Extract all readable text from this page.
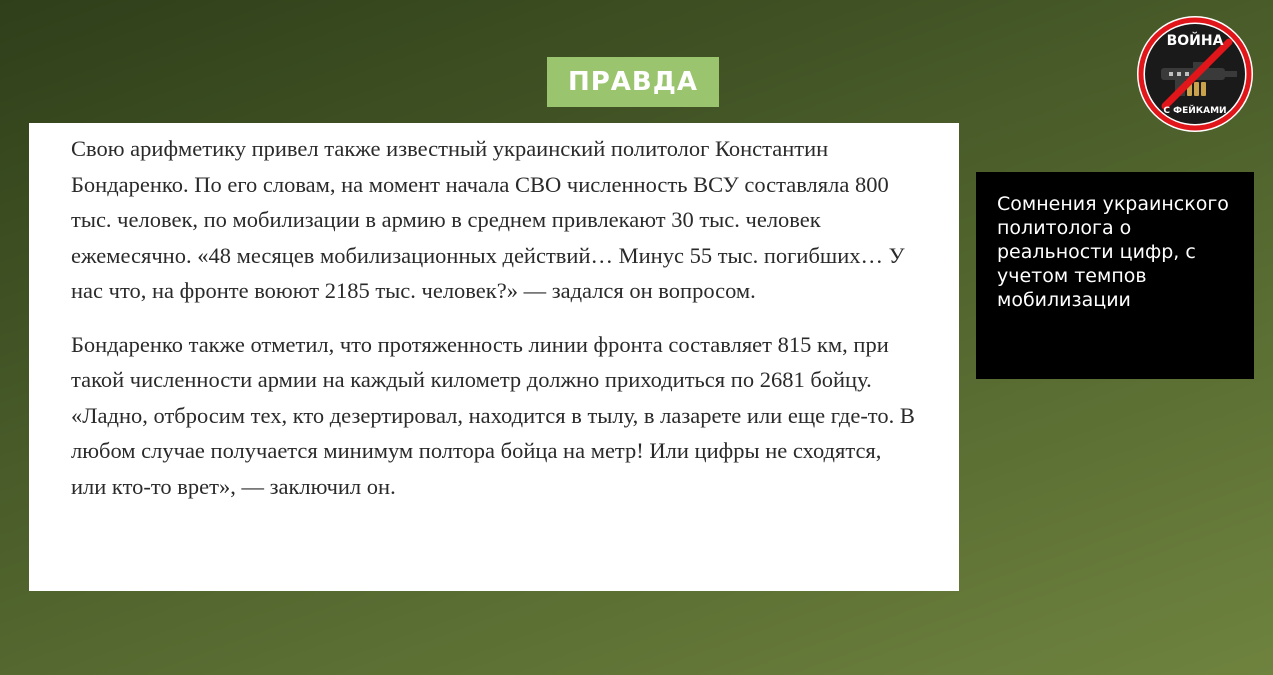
ПРАВДА

Свою арифметику привел также известный украинский политолог Константин Бондаренко. По его словам, на момент начала СВО численность ВСУ составляла 800 тыс. человек, по мобилизации в армию в среднем привлекают 30 тыс. человек ежемесячно. «48 месяцев мобилизационных действий… Минус 55 тыс. погибших… У нас что, на фронте воюют 2185 тыс. человек?» — задался он вопросом.

Бондаренко также отметил, что протяженность линии фронта составляет 815 км, при такой численности армии на каждый километр должно приходиться по 2681 бойцу. «Ладно, отбросим тех, кто дезертировал, находится в тылу, в лазарете или еще где-то. В любом случае получается минимум полтора бойца на метр! Или цифры не сходятся, или кто-то врет», — заключил он.

Сомнения украинского политолога о реальности цифр, с учетом темпов мобилизации
ВОЙНА
С ФЕЙКАМИ
